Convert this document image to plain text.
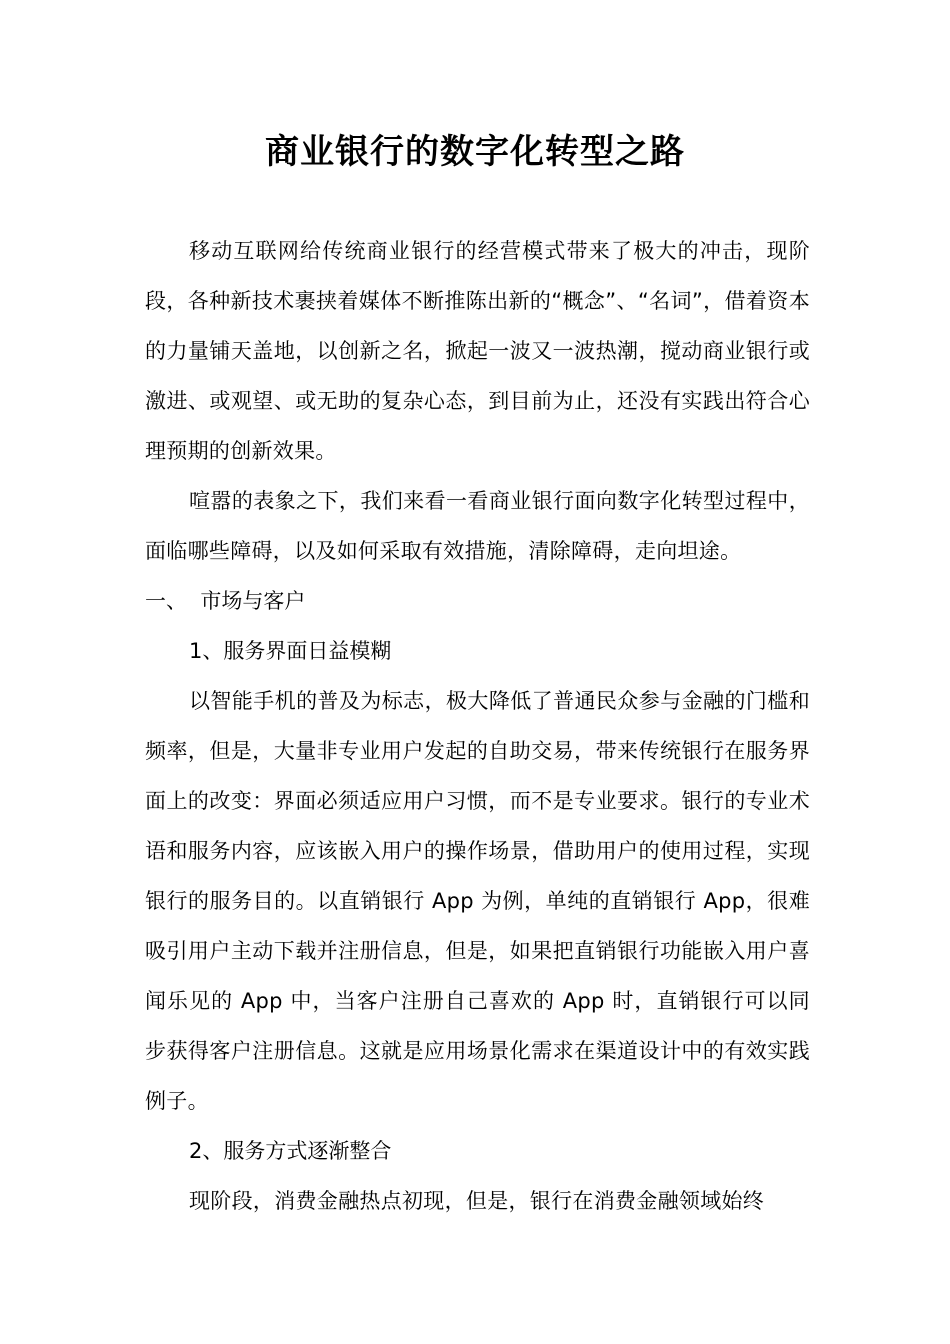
商业银行的数字化转型之路

移动互联网给传统商业银行的经营模式带来了极大的冲击，现阶段，各种新技术裹挟着媒体不断推陈出新的“概念”、“名词”，借着资本的力量铺天盖地，以创新之名，掀起一波又一波热潮，搅动商业银行或激进、或观望、或无助的复杂心态，到目前为止，还没有实践出符合心理预期的创新效果。

喧嚣的表象之下，我们来看一看商业银行面向数字化转型过程中，面临哪些障碍，以及如何采取有效措施，清除障碍，走向坦途。

一、  市场与客户

1、服务界面日益模糊

以智能手机的普及为标志，极大降低了普通民众参与金融的门槛和频率，但是，大量非专业用户发起的自助交易，带来传统银行在服务界面上的改变：界面必须适应用户习惯，而不是专业要求。银行的专业术语和服务内容，应该嵌入用户的操作场景，借助用户的使用过程，实现银行的服务目的。以直销银行 App 为例，单纯的直销银行 App，很难吸引用户主动下载并注册信息，但是，如果把直销银行功能嵌入用户喜闻乐见的 App 中，当客户注册自己喜欢的 App 时，直销银行可以同步获得客户注册信息。这就是应用场景化需求在渠道设计中的有效实践例子。

2、服务方式逐渐整合

现阶段，消费金融热点初现，但是，银行在消费金融领域始终
